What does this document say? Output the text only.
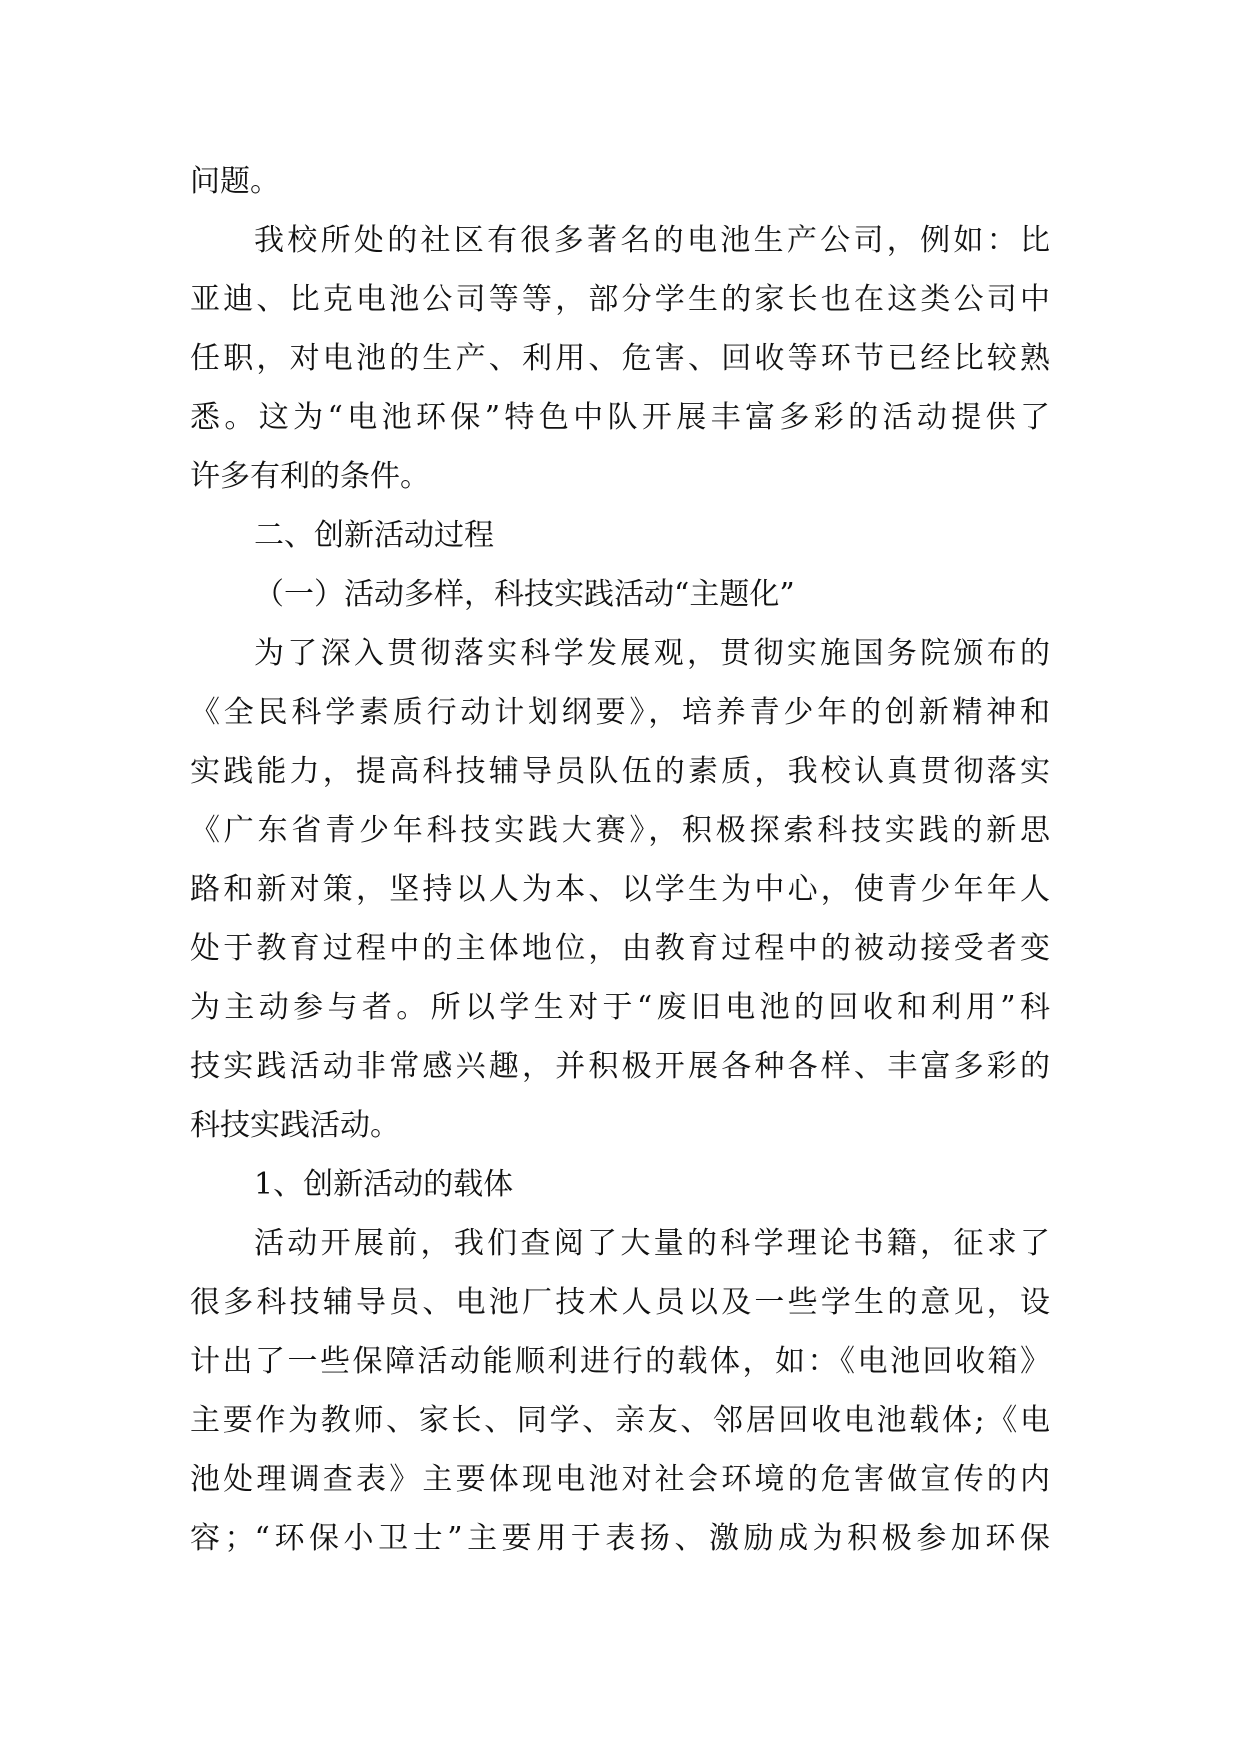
问题。
我校所处的社区有很多著名的电池生产公司，例如：比
亚迪、比克电池公司等等，部分学生的家长也在这类公司中
任职，对电池的生产、利用、危害、回收等环节已经比较熟
悉。这为“电池环保”特色中队开展丰富多彩的活动提供了
许多有利的条件。
二、创新活动过程
（一）活动多样，科技实践活动“主题化”
为了深入贯彻落实科学发展观，贯彻实施国务院颁布的
《全民科学素质行动计划纲要》，培养青少年的创新精神和
实践能力，提高科技辅导员队伍的素质，我校认真贯彻落实
《广东省青少年科技实践大赛》，积极探索科技实践的新思
路和新对策，坚持以人为本、以学生为中心，使青少年年人
处于教育过程中的主体地位，由教育过程中的被动接受者变
为主动参与者。所以学生对于“废旧电池的回收和利用”科
技实践活动非常感兴趣，并积极开展各种各样、丰富多彩的
科技实践活动。
1、创新活动的载体
活动开展前，我们查阅了大量的科学理论书籍，征求了
很多科技辅导员、电池厂技术人员以及一些学生的意见，设
计出了一些保障活动能顺利进行的载体，如：《电池回收箱》
主要作为教师、家长、同学、亲友、邻居回收电池载体;《电
池处理调查表》主要体现电池对社会环境的危害做宣传的内
容；“环保小卫士”主要用于表扬、激励成为积极参加环保
